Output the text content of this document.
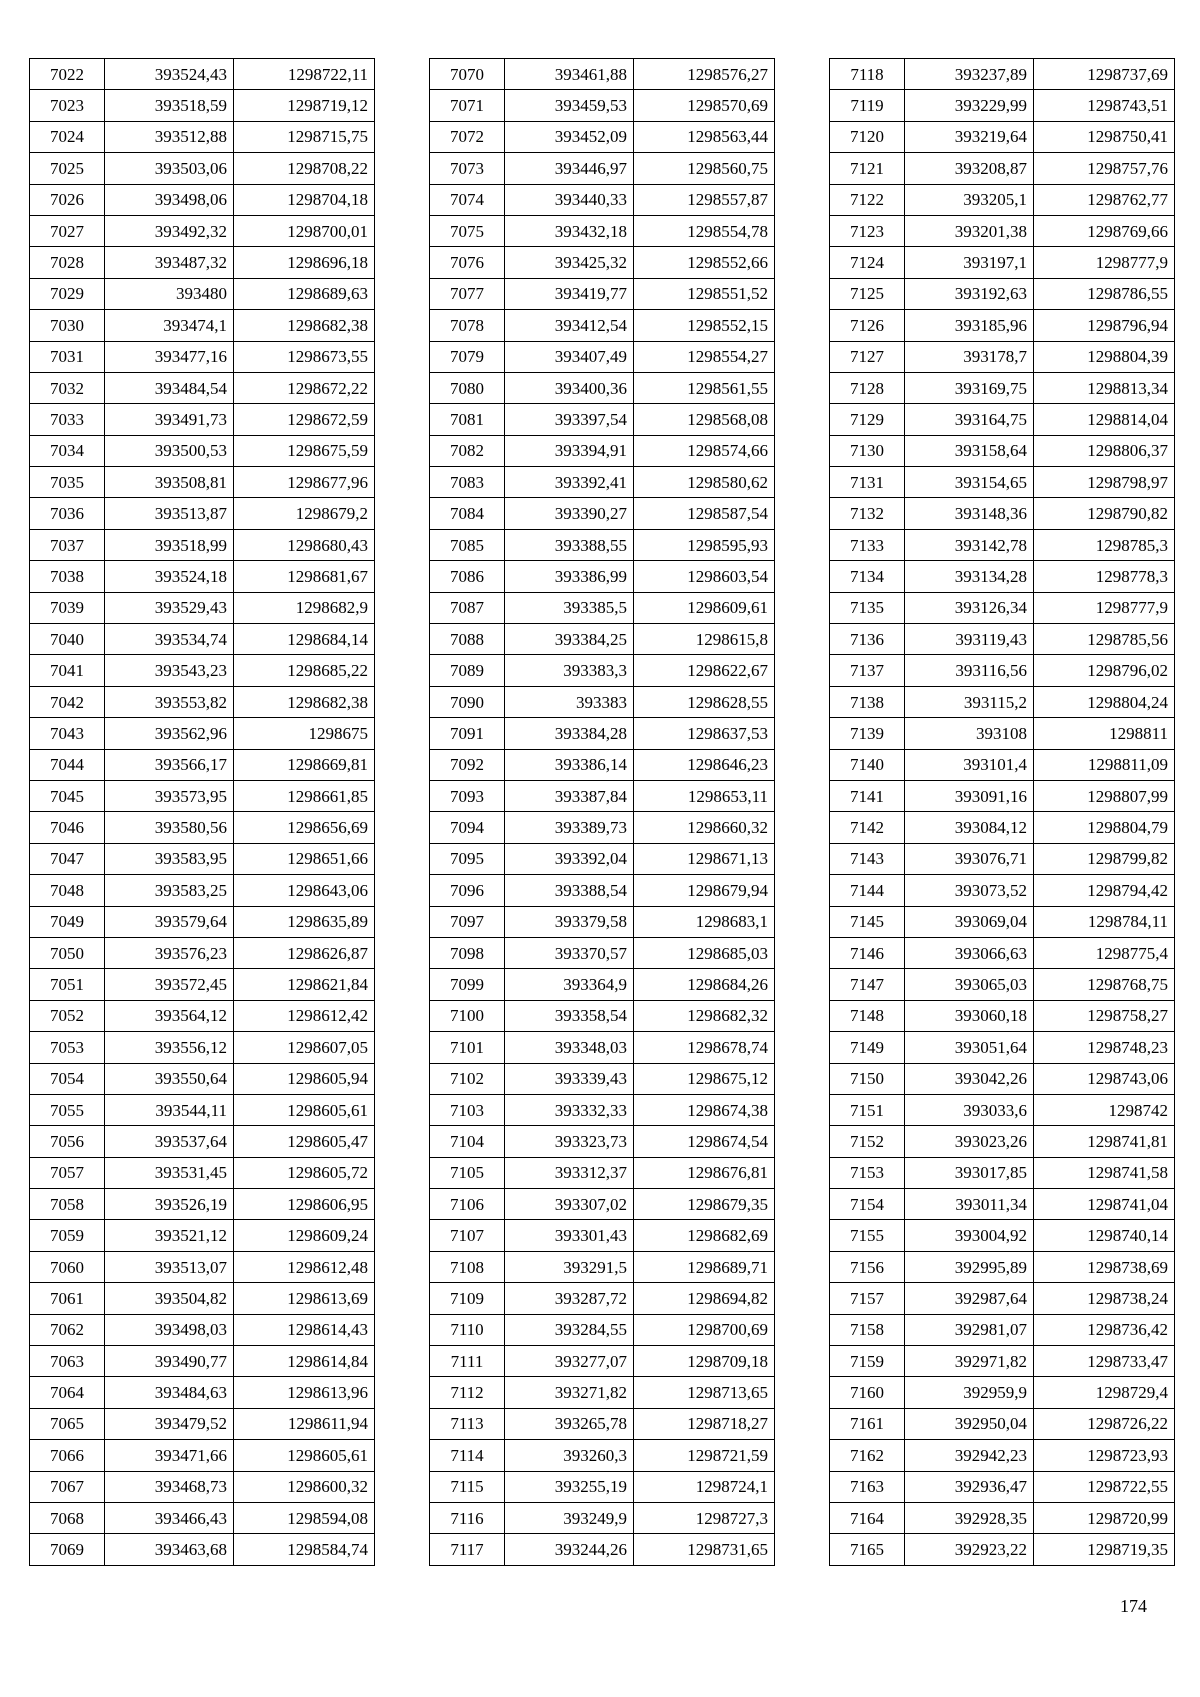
7022	393524,43	1298722,11
7023	393518,59	1298719,12
7024	393512,88	1298715,75
7025	393503,06	1298708,22
7026	393498,06	1298704,18
7027	393492,32	1298700,01
7028	393487,32	1298696,18
7029	393480	1298689,63
7030	393474,1	1298682,38
7031	393477,16	1298673,55
7032	393484,54	1298672,22
7033	393491,73	1298672,59
7034	393500,53	1298675,59
7035	393508,81	1298677,96
7036	393513,87	1298679,2
7037	393518,99	1298680,43
7038	393524,18	1298681,67
7039	393529,43	1298682,9
7040	393534,74	1298684,14
7041	393543,23	1298685,22
7042	393553,82	1298682,38
7043	393562,96	1298675
7044	393566,17	1298669,81
7045	393573,95	1298661,85
7046	393580,56	1298656,69
7047	393583,95	1298651,66
7048	393583,25	1298643,06
7049	393579,64	1298635,89
7050	393576,23	1298626,87
7051	393572,45	1298621,84
7052	393564,12	1298612,42
7053	393556,12	1298607,05
7054	393550,64	1298605,94
7055	393544,11	1298605,61
7056	393537,64	1298605,47
7057	393531,45	1298605,72
7058	393526,19	1298606,95
7059	393521,12	1298609,24
7060	393513,07	1298612,48
7061	393504,82	1298613,69
7062	393498,03	1298614,43
7063	393490,77	1298614,84
7064	393484,63	1298613,96
7065	393479,52	1298611,94
7066	393471,66	1298605,61
7067	393468,73	1298600,32
7068	393466,43	1298594,08
7069	393463,68	1298584,74
7070	393461,88	1298576,27
7071	393459,53	1298570,69
7072	393452,09	1298563,44
7073	393446,97	1298560,75
7074	393440,33	1298557,87
7075	393432,18	1298554,78
7076	393425,32	1298552,66
7077	393419,77	1298551,52
7078	393412,54	1298552,15
7079	393407,49	1298554,27
7080	393400,36	1298561,55
7081	393397,54	1298568,08
7082	393394,91	1298574,66
7083	393392,41	1298580,62
7084	393390,27	1298587,54
7085	393388,55	1298595,93
7086	393386,99	1298603,54
7087	393385,5	1298609,61
7088	393384,25	1298615,8
7089	393383,3	1298622,67
7090	393383	1298628,55
7091	393384,28	1298637,53
7092	393386,14	1298646,23
7093	393387,84	1298653,11
7094	393389,73	1298660,32
7095	393392,04	1298671,13
7096	393388,54	1298679,94
7097	393379,58	1298683,1
7098	393370,57	1298685,03
7099	393364,9	1298684,26
7100	393358,54	1298682,32
7101	393348,03	1298678,74
7102	393339,43	1298675,12
7103	393332,33	1298674,38
7104	393323,73	1298674,54
7105	393312,37	1298676,81
7106	393307,02	1298679,35
7107	393301,43	1298682,69
7108	393291,5	1298689,71
7109	393287,72	1298694,82
7110	393284,55	1298700,69
7111	393277,07	1298709,18
7112	393271,82	1298713,65
7113	393265,78	1298718,27
7114	393260,3	1298721,59
7115	393255,19	1298724,1
7116	393249,9	1298727,3
7117	393244,26	1298731,65
7118	393237,89	1298737,69
7119	393229,99	1298743,51
7120	393219,64	1298750,41
7121	393208,87	1298757,76
7122	393205,1	1298762,77
7123	393201,38	1298769,66
7124	393197,1	1298777,9
7125	393192,63	1298786,55
7126	393185,96	1298796,94
7127	393178,7	1298804,39
7128	393169,75	1298813,34
7129	393164,75	1298814,04
7130	393158,64	1298806,37
7131	393154,65	1298798,97
7132	393148,36	1298790,82
7133	393142,78	1298785,3
7134	393134,28	1298778,3
7135	393126,34	1298777,9
7136	393119,43	1298785,56
7137	393116,56	1298796,02
7138	393115,2	1298804,24
7139	393108	1298811
7140	393101,4	1298811,09
7141	393091,16	1298807,99
7142	393084,12	1298804,79
7143	393076,71	1298799,82
7144	393073,52	1298794,42
7145	393069,04	1298784,11
7146	393066,63	1298775,4
7147	393065,03	1298768,75
7148	393060,18	1298758,27
7149	393051,64	1298748,23
7150	393042,26	1298743,06
7151	393033,6	1298742
7152	393023,26	1298741,81
7153	393017,85	1298741,58
7154	393011,34	1298741,04
7155	393004,92	1298740,14
7156	392995,89	1298738,69
7157	392987,64	1298738,24
7158	392981,07	1298736,42
7159	392971,82	1298733,47
7160	392959,9	1298729,4
7161	392950,04	1298726,22
7162	392942,23	1298723,93
7163	392936,47	1298722,55
7164	392928,35	1298720,99
7165	392923,22	1298719,35
174
